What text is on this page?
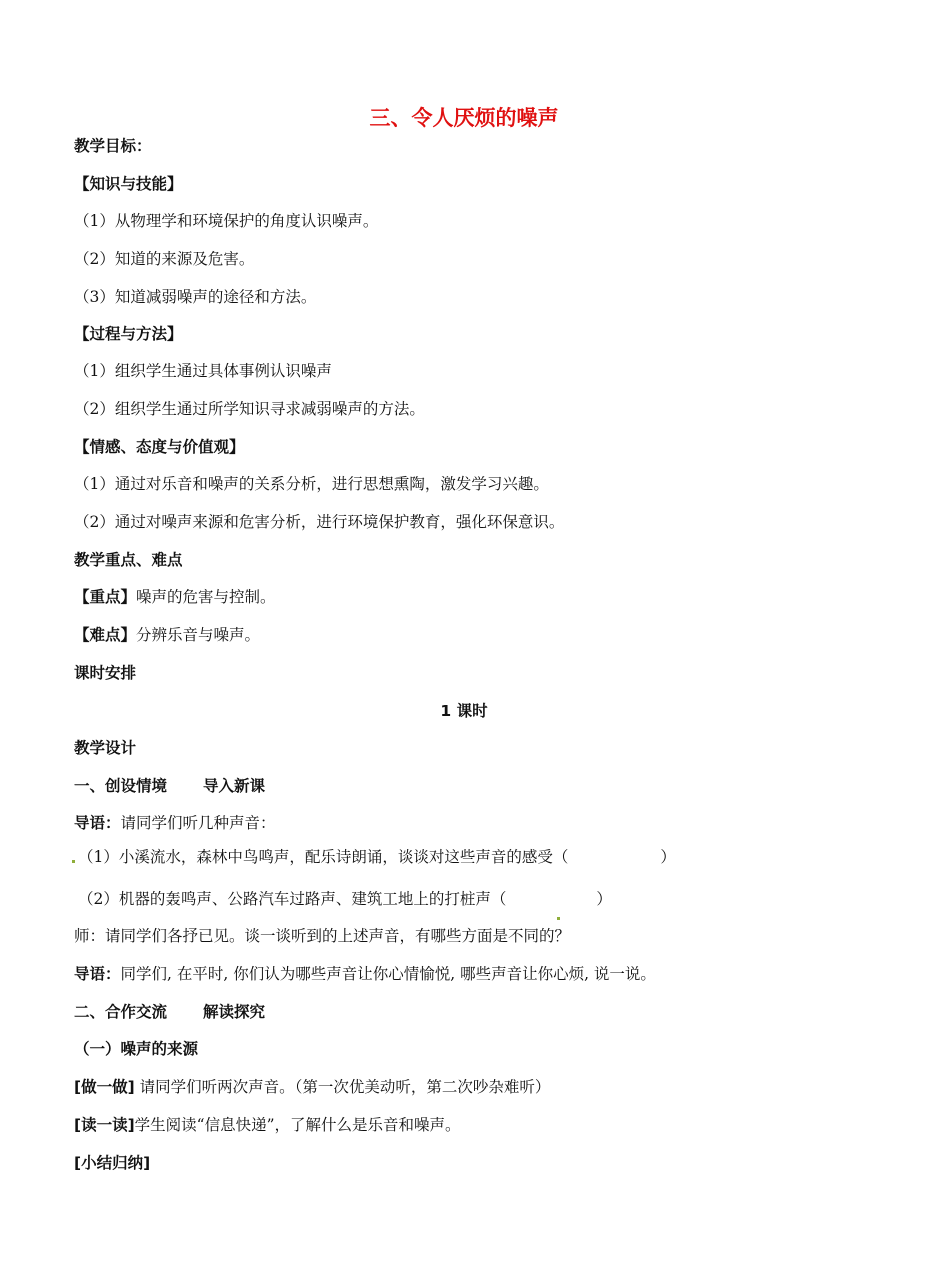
三、令人厌烦的噪声
教学目标：
【知识与技能】
（1）从物理学和环境保护的角度认识噪声。
（2）知道的来源及危害。
（3）知道减弱噪声的途径和方法。
【过程与方法】
（1）组织学生通过具体事例认识噪声
（2）组织学生通过所学知识寻求减弱噪声的方法。
【情感、态度与价值观】
（1）通过对乐音和噪声的关系分析，进行思想熏陶，激发学习兴趣。
（2）通过对噪声来源和危害分析，进行环境保护教育，强化环保意识。
教学重点、难点
【重点】噪声的危害与控制。
【难点】分辨乐音与噪声。
课时安排
1 课时
教学设计
一、创设情境 导入新课
导语：请同学们听几种声音：
（1）小溪流水，森林中鸟鸣声，配乐诗朗诵，谈谈对这些声音的感受（	）
（2）机器的轰鸣声、公路汽车过路声、建筑工地上的打桩声（	）
师：请同学们各抒已见。谈一谈听到的上述声音，有哪些方面是不同的？
导语：同学们, 在平时, 你们认为哪些声音让你心情愉悦, 哪些声音让你心烦, 说一说。
二、合作交流 解读探究
（一）噪声的来源
[做一做] 请同学们听两次声音。（第一次优美动听，第二次吵杂难听）
[读一读]学生阅读“信息快递”，了解什么是乐音和噪声。
[小结归纳]
